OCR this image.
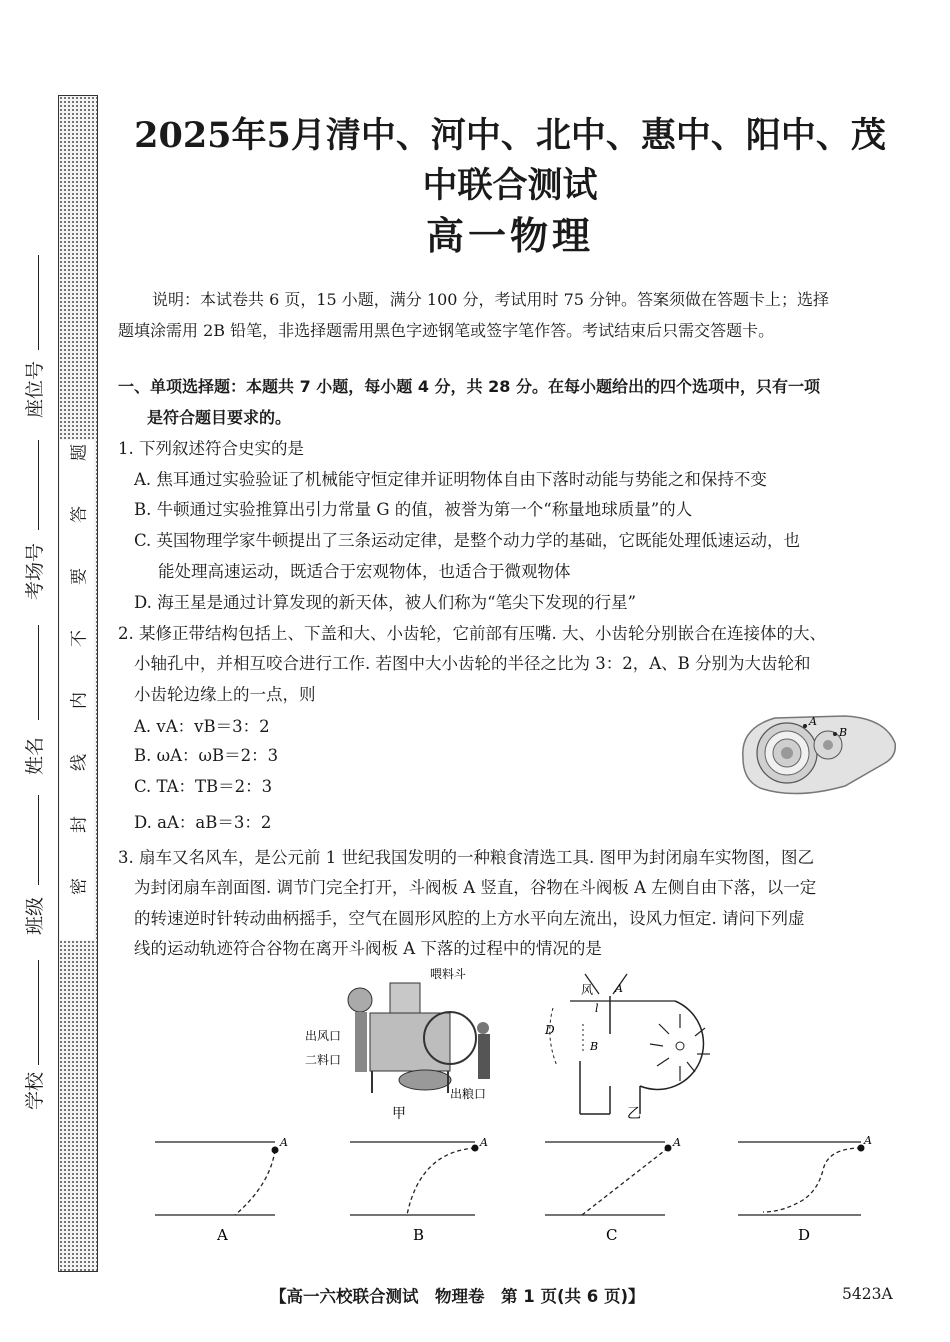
题
答
要
不
内
线
封
密
座位号
考场号
姓名
班级
学校
2025年5月清中、河中、北中、惠中、阳中、茂中联合测试
高一物理
说明：本试卷共 6 页，15 小题，满分 100 分，考试用时 75 分钟。答案须做在答题卡上；选择
题填涂需用 2B 铅笔，非选择题需用黑色字迹钢笔或签字笔作答。考试结束后只需交答题卡。
一、单项选择题：本题共 7 小题，每小题 4 分，共 28 分。在每小题给出的四个选项中，只有一项
是符合题目要求的。
1. 下列叙述符合史实的是
A. 焦耳通过实验验证了机械能守恒定律并证明物体自由下落时动能与势能之和保持不变
B. 牛顿通过实验推算出引力常量 G 的值，被誉为第一个“称量地球质量”的人
C. 英国物理学家牛顿提出了三条运动定律，是整个动力学的基础，它既能处理低速运动，也
能处理高速运动，既适合于宏观物体，也适合于微观物体
D. 海王星是通过计算发现的新天体，被人们称为“笔尖下发现的行星”
2. 某修正带结构包括上、下盖和大、小齿轮，它前部有压嘴. 大、小齿轮分别嵌合在连接体的大、
小轴孔中，并相互咬合进行工作. 若图中大小齿轮的半径之比为 3：2，A、B 分别为大齿轮和
小齿轮边缘上的一点，则
A. vA：vB＝3：2
B. ωA：ωB＝2：3
C. TA：TB＝2：3
D. aA：aB＝3：2
A
B
3. 扇车又名风车，是公元前 1 世纪我国发明的一种粮食清选工具. 图甲为封闭扇车实物图，图乙
为封闭扇车剖面图. 调节门完全打开，斗阀板 A 竖直，谷物在斗阀板 A 左侧自由下落，以一定
的转速逆时针转动曲柄摇手，空气在圆形风腔的上方水平向左流出，设风力恒定. 请问下列虚
线的运动轨迹符合谷物在离开斗阀板 A 下落的过程中的情况的是
喂料斗
出风口
二料口
出粮口
甲
风 A
D
l
B
乙
A
A
A
B
A
C
A
D
【高一六校联合测试　物理卷　第 1 页(共 6 页)】	5423A
